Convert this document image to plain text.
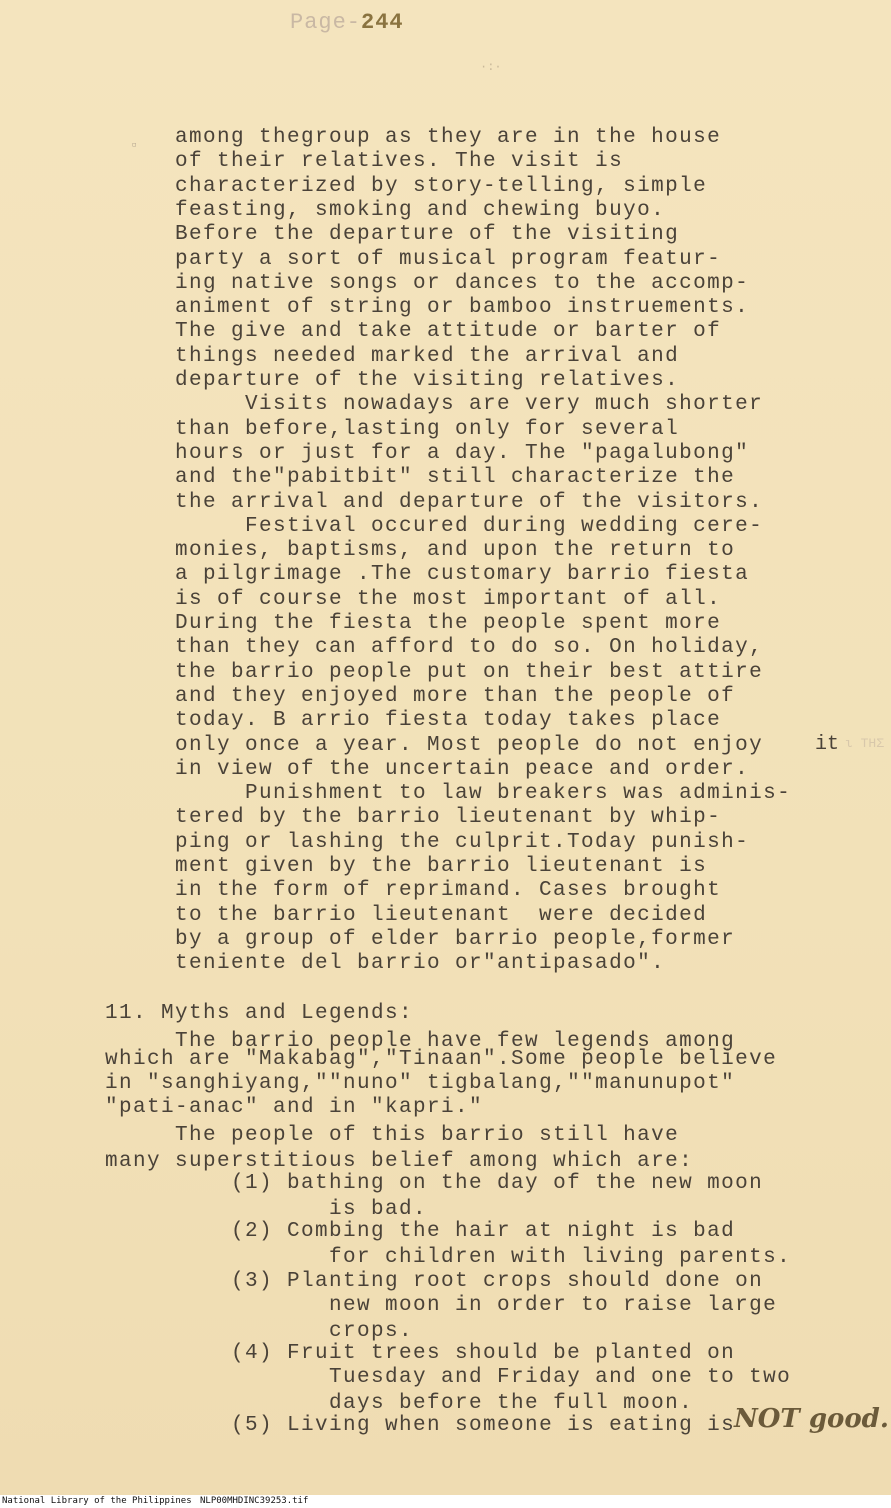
Page-244
·:·
▫ among thegroup as they are in the house
of their relatives. The visit is
characterized by story-telling, simple
feasting, smoking and chewing buyo.
Before the departure of the visiting
party a sort of musical program featur-
ing native songs or dances to the accomp-
animent of string or bamboo instruements.
The give and take attitude or barter of
things needed marked the arrival and
departure of the visiting relatives.
Visits nowadays are very much shorter
than before,lasting only for several
hours or just for a day. The "pagalubong"
and the"pabitbit" still characterize the
the arrival and departure of the visitors.
Festival occured during wedding cere-
monies, baptisms, and upon the return to
a pilgrimage .The customary barrio fiesta
is of course the most important of all.
During the fiesta the people spent more
than they can afford to do so. On holiday,
the barrio people put on their best attire
and they enjoyed more than the people of
today. B arrio fiesta today takes place
only once a year. Most people do not enjoy
in view of the uncertain peace and order.
Punishment to law breakers was adminis-
tered by the barrio lieutenant by whip-
ping or lashing the culprit.Today punish-
ment given by the barrio lieutenant is
in the form of reprimand. Cases brought
to the barrio lieutenant  were decided
by a group of elder barrio people,former
teniente del barrio or"antipasado".
11. Myths and Legends:
The barrio people have few legends among
which are "Makabag","Tinaan".Some people believe
in "sanghiyang,""nuno" tigbalang,""manunupot"
"pati-anac" and in "kapri."
The people of this barrio still have
many superstitious belief among which are:
(1) bathing on the day of the new moon
is bad.
(2) Combing the hair at night is bad
for children with living parents.
(3) Planting root crops should done on
new moon in order to raise large
crops.
(4) Fruit trees should be planted on
Tuesday and Friday and one to two
days before the full moon.
(5) Living when someone is eating is
it ι ΤΗΣ
NOT good.
National Library of the Philippines NLP00MHDINC39253.tif
